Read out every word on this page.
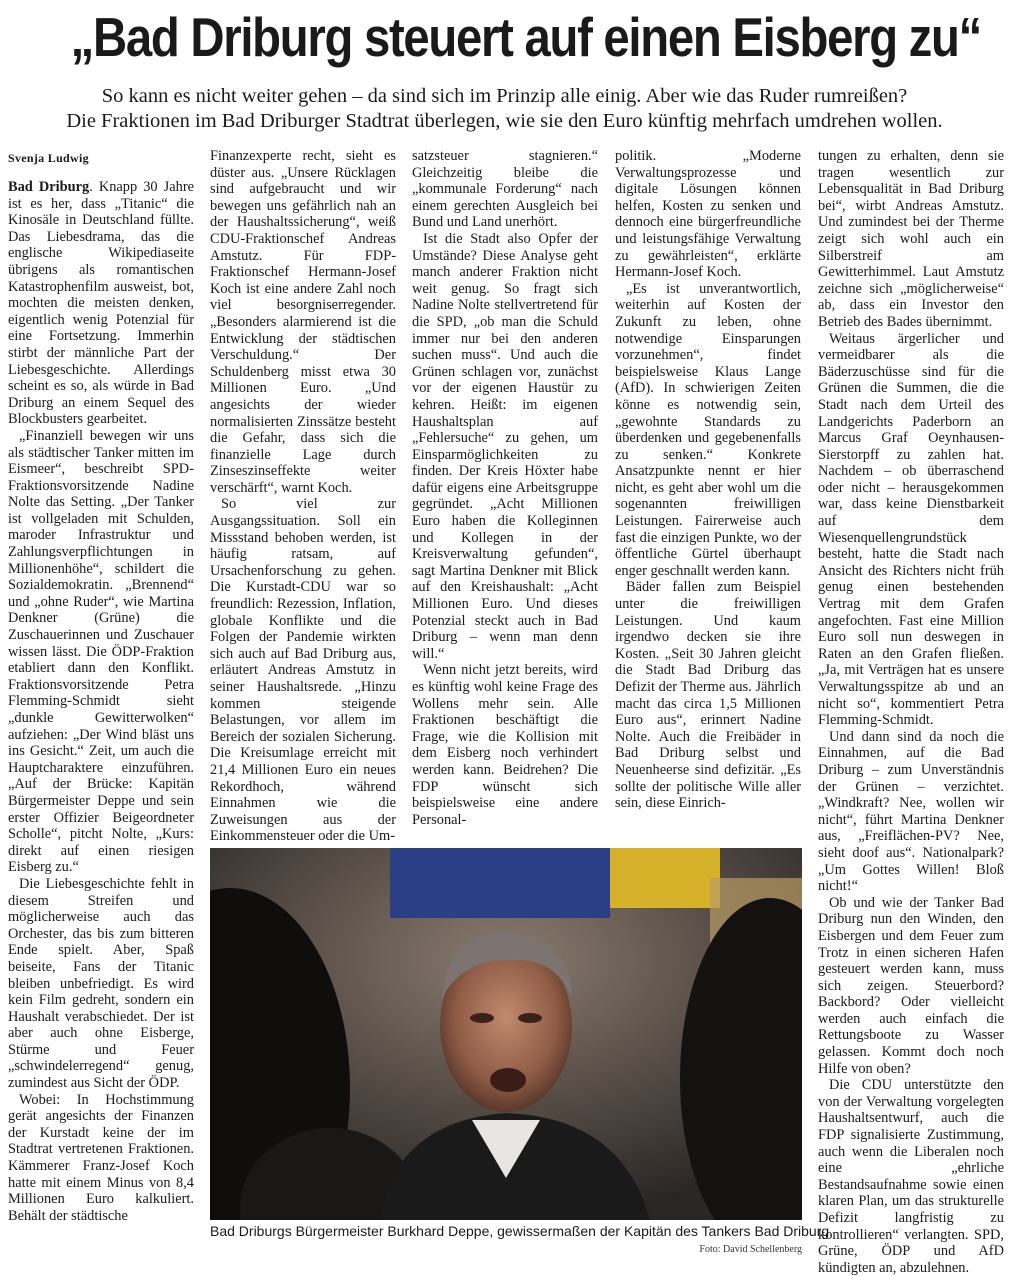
„Bad Driburg steuert auf einen Eisberg zu“
So kann es nicht weiter gehen – da sind sich im Prinzip alle einig. Aber wie das Ruder rumreißen?
Die Fraktionen im Bad Driburger Stadtrat überlegen, wie sie den Euro künftig mehrfach umdrehen wollen.
Svenja Ludwig

Bad Driburg. Knapp 30 Jahre ist es her, dass „Titanic“ die Kinosäle in Deutschland füllte. Das Liebesdrama, das die englische Wikipediaseite übrigens als romantischen Katastrophenfilm ausweist, bot, mochten die meisten denken, eigentlich wenig Potenzial für eine Fortsetzung. Immerhin stirbt der männliche Part der Liebesgeschichte. Allerdings scheint es so, als würde in Bad Driburg an einem Sequel des Blockbusters gearbeitet.

„Finanziell bewegen wir uns als städtischer Tanker mitten im Eismeer“, beschreibt SPD-Fraktionsvorsitzende Nadine Nolte das Setting. „Der Tanker ist vollgeladen mit Schulden, maroder Infrastruktur und Zahlungsverpflichtungen in Millionenhöhe“, schildert die Sozialdemokratin. „Brennend“ und „ohne Ruder“, wie Martina Denkner (Grüne) die Zuschauerinnen und Zuschauer wissen lässt. Die ÖDP-Fraktion etabliert dann den Konflikt. Fraktionsvorsitzende Petra Flemming-Schmidt sieht „dunkle Gewitterwolken“ aufziehen: „Der Wind bläst uns ins Gesicht.“ Zeit, um auch die Hauptcharaktere einzuführen. „Auf der Brücke: Kapitän Bürgermeister Deppe und sein erster Offizier Beigeordneter Scholle“, pitcht Nolte, „Kurs: direkt auf einen riesigen Eisberg zu.“

Die Liebesgeschichte fehlt in diesem Streifen und möglicherweise auch das Orchester, das bis zum bitteren Ende spielt. Aber, Spaß beiseite, Fans der Titanic bleiben unbefriedigt. Es wird kein Film gedreht, sondern ein Haushalt verabschiedet. Der ist aber auch ohne Eisberge, Stürme und Feuer „schwindelerregend“ genug, zumindest aus Sicht der ÖDP.

Wobei: In Hochstimmung gerät angesichts der Finanzen der Kurstadt keine der im Stadtrat vertretenen Fraktionen. Kämmerer Franz-Josef Koch hatte mit einem Minus von 8,4 Millionen Euro kalkuliert. Behält der städtische

Finanzexperte recht, sieht es düster aus. „Unsere Rücklagen sind aufgebraucht und wir bewegen uns gefährlich nah an der Haushaltssicherung“, weiß CDU-Fraktionschef Andreas Amstutz. Für FDP-Fraktionschef Hermann-Josef Koch ist eine andere Zahl noch viel besorgniserregender. „Besonders alarmierend ist die Entwicklung der städtischen Verschuldung.“ Der Schuldenberg misst etwa 30 Millionen Euro. „Und angesichts der wieder normalisierten Zinssätze besteht die Gefahr, dass sich die finanzielle Lage durch Zinseszinseffekte weiter verschärft“, warnt Koch.

So viel zur Ausgangssituation. Soll ein Missstand behoben werden, ist häufig ratsam, auf Ursachenforschung zu gehen. Die Kurstadt-CDU war so freundlich: Rezession, Inflation, globale Konflikte und die Folgen der Pandemie wirkten sich auch auf Bad Driburg aus, erläutert Andreas Amstutz in seiner Haushaltsrede. „Hinzu kommen steigende Belastungen, vor allem im Bereich der sozialen Sicherung. Die Kreisumlage erreicht mit 21,4 Millionen Euro ein neues Rekordhoch, während Einnahmen wie die Zuweisungen aus der Einkommensteuer oder die Um-

satzsteuer stagnieren.“ Gleichzeitig bleibe die „kommunale Forderung“ nach einem gerechten Ausgleich bei Bund und Land unerhört.

Ist die Stadt also Opfer der Umstände? Diese Analyse geht manch anderer Fraktion nicht weit genug. So fragt sich Nadine Nolte stellvertretend für die SPD, „ob man die Schuld immer nur bei den anderen suchen muss“. Und auch die Grünen schlagen vor, zunächst vor der eigenen Haustür zu kehren. Heißt: im eigenen Haushaltsplan auf „Fehlersuche“ zu gehen, um Einsparmöglichkeiten zu finden. Der Kreis Höxter habe dafür eigens eine Arbeitsgruppe gegründet. „Acht Millionen Euro haben die Kolleginnen und Kollegen in der Kreisverwaltung gefunden“, sagt Martina Denkner mit Blick auf den Kreishaushalt: „Acht Millionen Euro. Und dieses Potenzial steckt auch in Bad Driburg – wenn man denn will.“

Wenn nicht jetzt bereits, wird es künftig wohl keine Frage des Wollens mehr sein. Alle Fraktionen beschäftigt die Frage, wie die Kollision mit dem Eisberg noch verhindert werden kann. Beidrehen? Die FDP wünscht sich beispielsweise eine andere Personal-

politik. „Moderne Verwaltungsprozesse und digitale Lösungen können helfen, Kosten zu senken und dennoch eine bürgerfreundliche und leistungsfähige Verwaltung zu gewährleisten“, erklärte Hermann-Josef Koch.

„Es ist unverantwortlich, weiterhin auf Kosten der Zukunft zu leben, ohne notwendige Einsparungen vorzunehmen“, findet beispielsweise Klaus Lange (AfD). In schwierigen Zeiten könne es notwendig sein, „gewohnte Standards zu überdenken und gegebenenfalls zu senken.“ Konkrete Ansatzpunkte nennt er hier nicht, es geht aber wohl um die sogenannten freiwilligen Leistungen. Fairerweise auch fast die einzigen Punkte, wo der öffentliche Gürtel überhaupt enger geschnallt werden kann.

Bäder fallen zum Beispiel unter die freiwilligen Leistungen. Und kaum irgendwo decken sie ihre Kosten. „Seit 30 Jahren gleicht die Stadt Bad Driburg das Defizit der Therme aus. Jährlich macht das circa 1,5 Millionen Euro aus“, erinnert Nadine Nolte. Auch die Freibäder in Bad Driburg selbst und Neuenheerse sind defizitär. „Es sollte der politische Wille aller sein, diese Einrich-

tungen zu erhalten, denn sie tragen wesentlich zur Lebensqualität in Bad Driburg bei“, wirbt Andreas Amstutz. Und zumindest bei der Therme zeigt sich wohl auch ein Silberstreif am Gewitterhimmel. Laut Amstutz zeichne sich „möglicherweise“ ab, dass ein Investor den Betrieb des Bades übernimmt.

Weitaus ärgerlicher und vermeidbarer als die Bäderzuschüsse sind für die Grünen die Summen, die die Stadt nach dem Urteil des Landgerichts Paderborn an Marcus Graf Oeynhausen-Sierstorpff zu zahlen hat. Nachdem – ob überraschend oder nicht – herausgekommen war, dass keine Dienstbarkeit auf dem Wiesenquellengrundstück besteht, hatte die Stadt nach Ansicht des Richters nicht früh genug einen bestehenden Vertrag mit dem Grafen angefochten. Fast eine Million Euro soll nun deswegen in Raten an den Grafen fließen. „Ja, mit Verträgen hat es unsere Verwaltungsspitze ab und an nicht so“, kommentiert Petra Flemming-Schmidt.

Und dann sind da noch die Einnahmen, auf die Bad Driburg – zum Unverständnis der Grünen – verzichtet. „Windkraft? Nee, wollen wir nicht“, führt Martina Denkner aus, „Freiflächen-PV? Nee, sieht doof aus“. Nationalpark? „Um Gottes Willen! Bloß nicht!“

Ob und wie der Tanker Bad Driburg nun den Winden, den Eisbergen und dem Feuer zum Trotz in einen sicheren Hafen gesteuert werden kann, muss sich zeigen. Steuerbord? Backbord? Oder vielleicht werden auch einfach die Rettungsboote zu Wasser gelassen. Kommt doch noch Hilfe von oben?

Die CDU unterstützte den von der Verwaltung vorgelegten Haushaltsentwurf, auch die FDP signalisierte Zustimmung, auch wenn die Liberalen noch eine „ehrliche Bestandsaufnahme sowie einen klaren Plan, um das strukturelle Defizit langfristig zu kontrollieren“ verlangten. SPD, Grüne, ÖDP und AfD kündigten an, abzulehnen.

Bad Driburgs Bürgermeister Burkhard Deppe, gewissermaßen der Kapitän des Tankers Bad Driburg.
Foto: David Schellenberg
